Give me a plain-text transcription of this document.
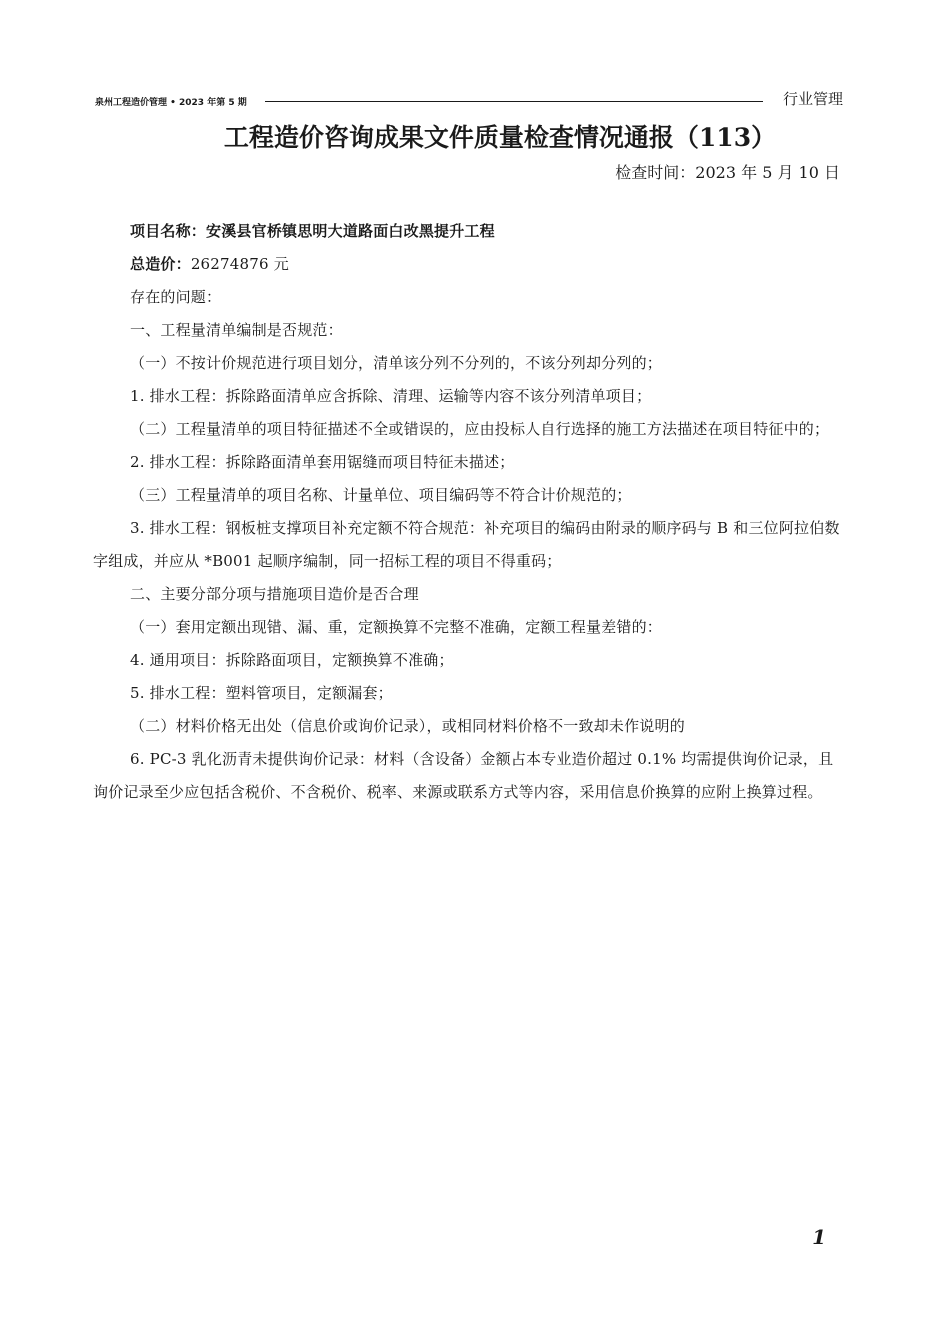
泉州工程造价管理 • 2023 年第 5 期	行业管理
工程造价咨询成果文件质量检查情况通报（113）
检查时间：2023 年 5 月 10 日

项目名称：安溪县官桥镇思明大道路面白改黑提升工程

总造价：26274876 元

存在的问题：

一、工程量清单编制是否规范：

（一）不按计价规范进行项目划分，清单该分列不分列的，不该分列却分列的；

1. 排水工程：拆除路面清单应含拆除、清理、运输等内容不该分列清单项目；

（二）工程量清单的项目特征描述不全或错误的，应由投标人自行选择的施工方法描述在项目特征中的；

2. 排水工程：拆除路面清单套用锯缝而项目特征未描述；

（三）工程量清单的项目名称、计量单位、项目编码等不符合计价规范的；

3. 排水工程：钢板桩支撑项目补充定额不符合规范：补充项目的编码由附录的顺序码与 B 和三位阿拉伯数字组成，并应从 *B001 起顺序编制，同一招标工程的项目不得重码；

二、主要分部分项与措施项目造价是否合理

（一）套用定额出现错、漏、重，定额换算不完整不准确，定额工程量差错的：

4. 通用项目：拆除路面项目，定额换算不准确；

5. 排水工程：塑料管项目，定额漏套；

（二）材料价格无出处（信息价或询价记录），或相同材料价格不一致却未作说明的

6. PC-3 乳化沥青未提供询价记录：材料（含设备）金额占本专业造价超过 0.1% 均需提供询价记录，且询价记录至少应包括含税价、不含税价、税率、来源或联系方式等内容，采用信息价换算的应附上换算过程。

1
